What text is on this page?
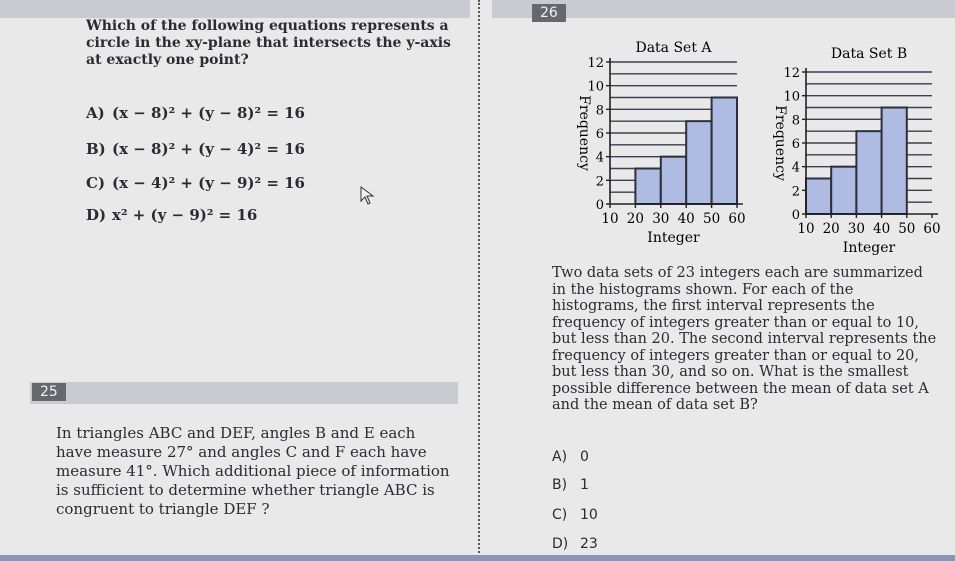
Which of the following equations represents a circle in the xy-plane that intersects the y-axis at exactly one point?
A) (x − 8)² + (y − 8)² = 16
B) (x − 8)² + (y − 4)² = 16
C) (x − 4)² + (y − 9)² = 16
D) x² + (y − 9)² = 16
25
In triangles ABC and DEF, angles B and E each have measure 27° and angles C and F each have measure 41°. Which additional piece of information is sufficient to determine whether triangle ABC is congruent to triangle DEF ?
26
Data Set A
0
2
4
6
8
10
12
10 20 30 40 50 60
Integer
Frequency
Data Set B
0
2
4
6
8
10
12
10 20 30 40 50 60
Integer
Frequency
Two data sets of 23 integers each are summarized in the histograms shown. For each of the histograms, the first interval represents the frequency of integers greater than or equal to 10, but less than 20. The second interval represents the frequency of integers greater than or equal to 20, but less than 30, and so on. What is the smallest possible difference between the mean of data set A and the mean of data set B?
A) 0
B) 1
C) 10
D) 23
